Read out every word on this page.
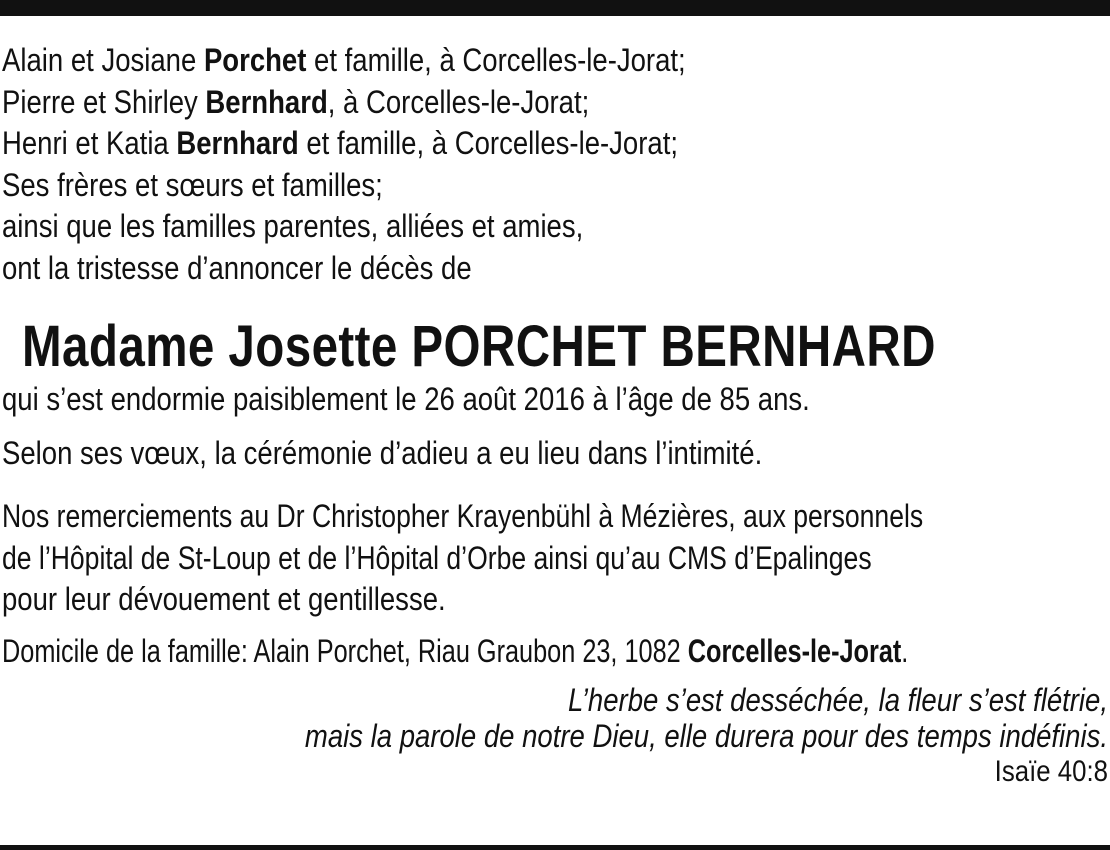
Alain et Josiane Porchet et famille, à Corcelles-le-Jorat;
Pierre et Shirley Bernhard, à Corcelles-le-Jorat;
Henri et Katia Bernhard et famille, à Corcelles-le-Jorat;
Ses frères et sœurs et familles;
ainsi que les familles parentes, alliées et amies,
ont la tristesse d’annoncer le décès de
Madame Josette PORCHET BERNHARD
qui s’est endormie paisiblement le 26 août 2016 à l’âge de 85 ans.
Selon ses vœux, la cérémonie d’adieu a eu lieu dans l’intimité.
Nos remerciements au Dr Christopher Krayenbühl à Mézières, aux personnels
de l’Hôpital de St-Loup et de l’Hôpital d’Orbe ainsi qu’au CMS d’Epalinges
pour leur dévouement et gentillesse.
Domicile de la famille: Alain Porchet, Riau Graubon 23, 1082 Corcelles-le-Jorat.
L’herbe s’est desséchée, la fleur s’est flétrie,
mais la parole de notre Dieu, elle durera pour des temps indéfinis.
Isaïe 40:8
